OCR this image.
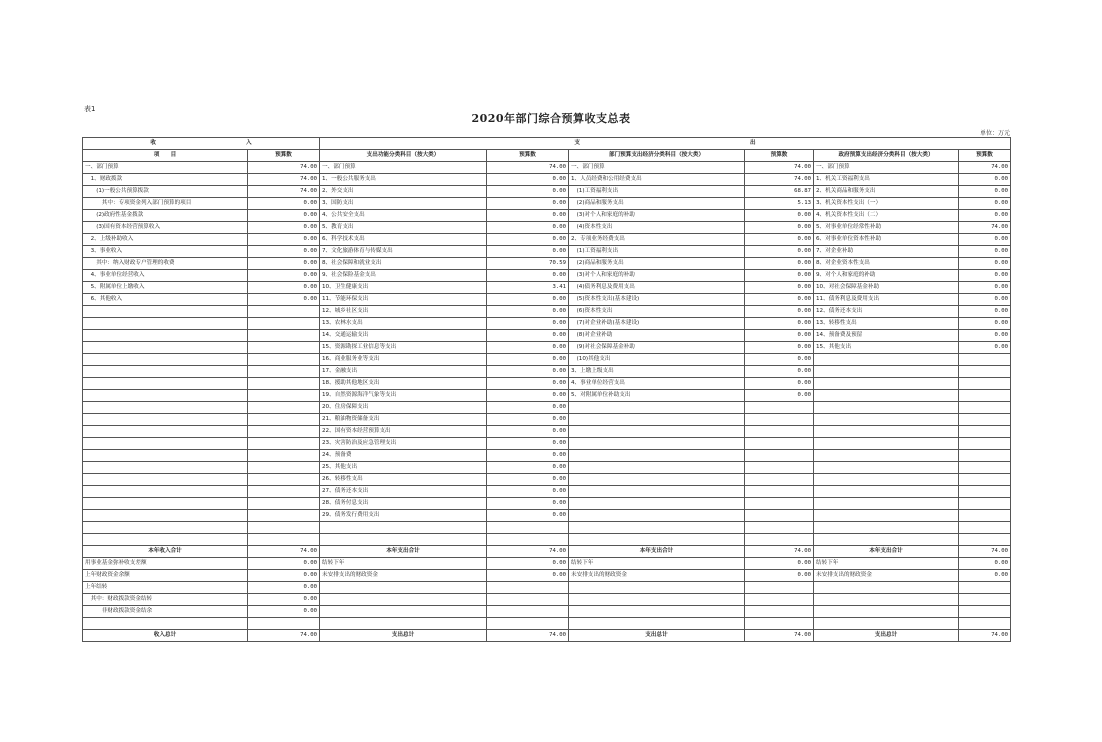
表1
2020年部门综合预算收支总表
单位：万元
收 入		支 出					
项　　目	预算数	支出功能分类科目（按大类）	预算数	部门预算支出经济分类科目（按大类）	预算数	政府预算支出经济分类科目（按大类）	预算数
一、部门预算	74.00	一、部门预算	74.00	一、部门预算	74.00	一、部门预算	74.00
　1、财政拨款	74.00	1、一般公共服务支出	0.00	1、人员经费和公用经费支出	74.00	1、机关工资福利支出	0.00
　　(1)一般公共预算拨款	74.00	2、外交支出	0.00	　(1)工资福利支出	68.87	2、机关商品和服务支出	0.00
　　　其中：专项资金列入部门预算的项目	0.00	3、国防支出	0.00	　(2)商品和服务支出	5.13	3、机关资本性支出（一）	0.00
　　(2)政府性基金拨款	0.00	4、公共安全支出	0.00	　(3)对个人和家庭的补助	0.00	4、机关资本性支出（二）	0.00
　　(3)国有资本经营预算收入	0.00	5、教育支出	0.00	　(4)资本性支出	0.00	5、对事业单位经常性补助	74.00
　2、上级补助收入	0.00	6、科学技术支出	0.00	2、专项业务经费支出	0.00	6、对事业单位资本性补助	0.00
　3、事业收入	0.00	7、文化旅游体育与传媒支出	0.00	　(1)工资福利支出	0.00	7、对企业补助	0.00
　　其中：纳入财政专户管理的收费	0.00	8、社会保障和就业支出	70.59	　(2)商品和服务支出	0.00	8、对企业资本性支出	0.00
　4、事业单位经营收入	0.00	9、社会保险基金支出	0.00	　(3)对个人和家庭的补助	0.00	9、对个人和家庭的补助	0.00
　5、附属单位上缴收入	0.00	10、卫生健康支出	3.41	　(4)债务利息及费用支出	0.00	10、对社会保障基金补助	0.00
　6、其他收入	0.00	11、节能环保支出	0.00	　(5)资本性支出(基本建设)	0.00	11、债务利息及费用支出	0.00
		12、城乡社区支出	0.00	　(6)资本性支出	0.00	12、债务还本支出	0.00
		13、农林水支出	0.00	　(7)对企业补助(基本建设)	0.00	13、转移性支出	0.00
		14、交通运输支出	0.00	　(8)对企业补助	0.00	14、预备费及预留	0.00
		15、资源勘探工业信息等支出	0.00	　(9)对社会保障基金补助	0.00	15、其他支出	0.00
		16、商业服务业等支出	0.00	　(10)其他支出	0.00		
		17、金融支出	0.00	3、上缴上级支出	0.00		
		18、援助其他地区支出	0.00	4、事业单位经营支出	0.00		
		19、自然资源海洋气象等支出	0.00	5、对附属单位补助支出	0.00		
		20、住房保障支出	0.00				
		21、粮油物资储备支出	0.00				
		22、国有资本经营预算支出	0.00				
		23、灾害防治及应急管理支出	0.00				
		24、预备费	0.00				
		25、其他支出	0.00				
		26、转移性支出	0.00				
		27、债务还本支出	0.00				
		28、债务付息支出	0.00				
		29、债务发行费用支出	0.00				

本年收入合计	74.00	本年支出合计	74.00	本年支出合计	74.00	本年支出合计	74.00
用事业基金弥补收支差额	0.00	结转下年	0.00	结转下年	0.00	结转下年	0.00
上年财政资金余额	0.00	未安排支出的财政资金	0.00	未安排支出的财政资金	0.00	未安排支出的财政资金	0.00
上年结转	0.00						
　其中：财政拨款资金结转	0.00						
　　　非财政拨款资金结余	0.00						

收入总计	74.00	支出总计	74.00	支出总计	74.00	支出总计	74.00
